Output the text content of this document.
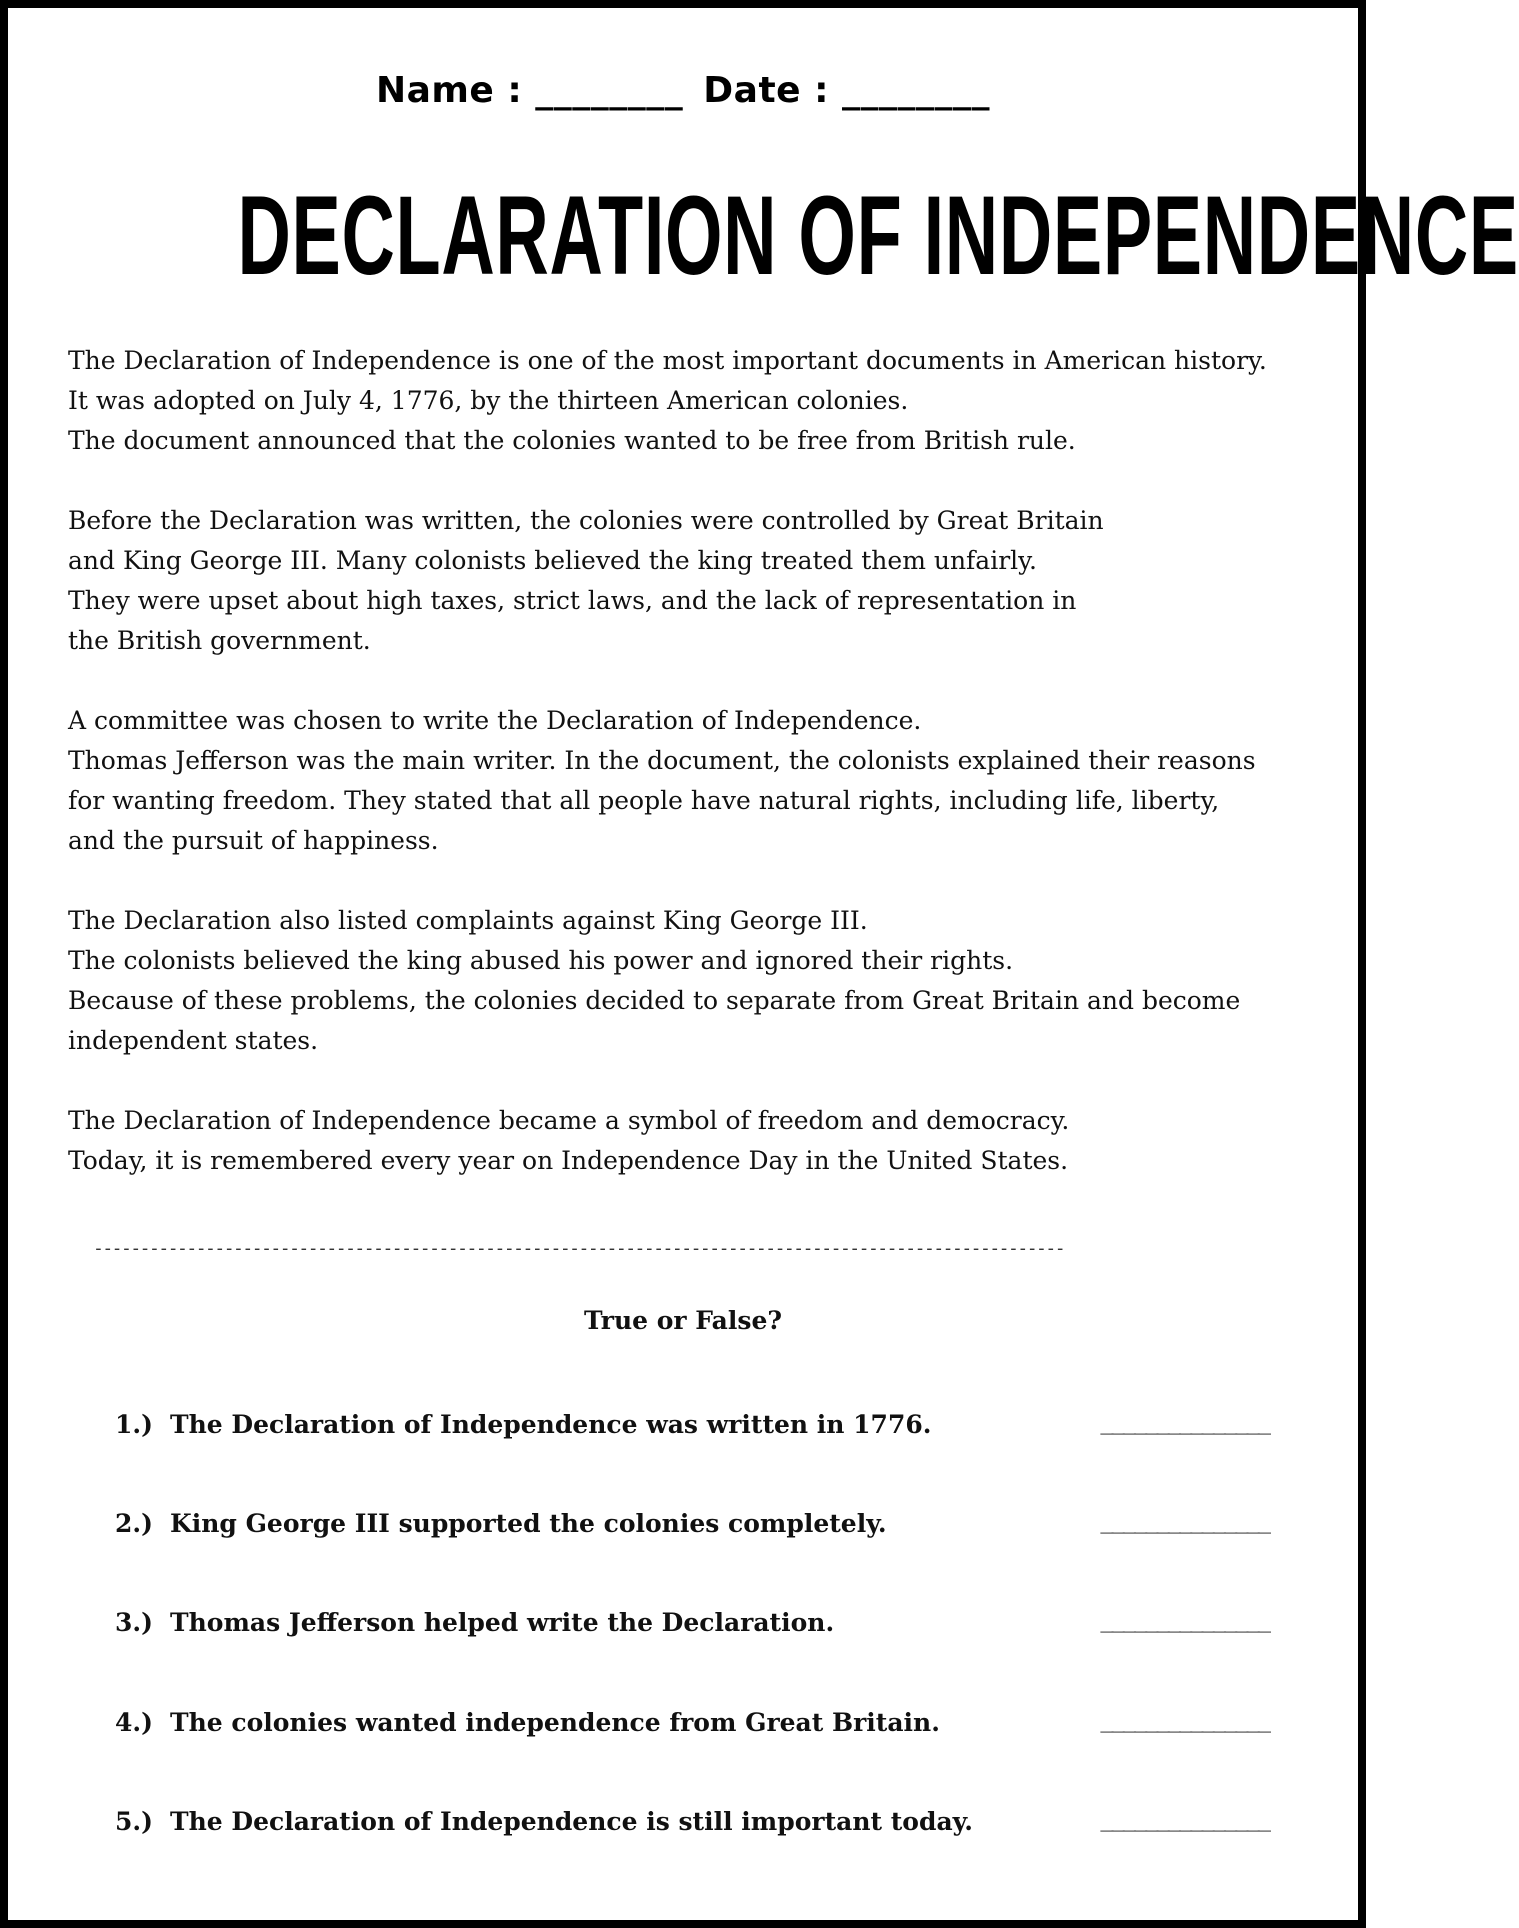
Name : ________ Date : ________
DECLARATION OF INDEPENDENCE

The Declaration of Independence is one of the most important documents in American history.
It was adopted on July 4, 1776, by the thirteen American colonies.
The document announced that the colonies wanted to be free from British rule.

Before the Declaration was written, the colonies were controlled by Great Britain
and King George III. Many colonists believed the king treated them unfairly.
They were upset about high taxes, strict laws, and the lack of representation in
the British government.

A committee was chosen to write the Declaration of Independence.
Thomas Jefferson was the main writer. In the document, the colonists explained their reasons
for wanting freedom. They stated that all people have natural rights, including life, liberty,
and the pursuit of happiness.

The Declaration also listed complaints against King George III.
The colonists believed the king abused his power and ignored their rights.
Because of these problems, the colonies decided to separate from Great Britain and become
independent states.

The Declaration of Independence became a symbol of freedom and democracy.
Today, it is remembered every year on Independence Day in the United States.

--------------------------------------------------------------------------------------------------------
True or False?
1.) The Declaration of Independence was written in 1776.	_______________
2.) King George III supported the colonies completely.	_______________
3.) Thomas Jefferson helped write the Declaration.	_______________
4.) The colonies wanted independence from Great Britain.	_______________
5.) The Declaration of Independence is still important today.	_______________
